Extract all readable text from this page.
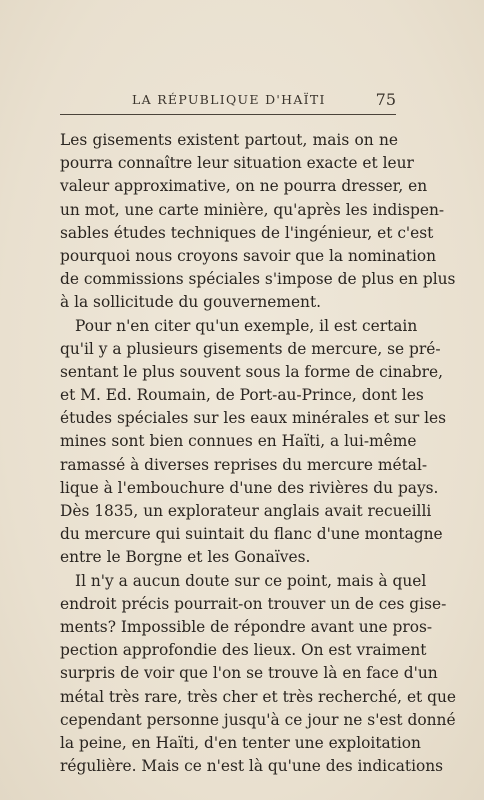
LA RÉPUBLIQUE D'HAÏTI	75
Les gisements existent partout, mais on ne
pourra connaître leur situation exacte et leur
valeur approximative, on ne pourra dresser, en
un mot, une carte minière, qu'après les indispen-
sables études techniques de l'ingénieur, et c'est
pourquoi nous croyons savoir que la nomination
de commissions spéciales s'impose de plus en plus
à la sollicitude du gouvernement.
Pour n'en citer qu'un exemple, il est certain
qu'il y a plusieurs gisements de mercure, se pré-
sentant le plus souvent sous la forme de cinabre,
et M. Ed. Roumain, de Port-au-Prince, dont les
études spéciales sur les eaux minérales et sur les
mines sont bien connues en Haïti, a lui-même
ramassé à diverses reprises du mercure métal-
lique à l'embouchure d'une des rivières du pays.
Dès 1835, un explorateur anglais avait recueilli
du mercure qui suintait du flanc d'une montagne
entre le Borgne et les Gonaïves.
Il n'y a aucun doute sur ce point, mais à quel
endroit précis pourrait-on trouver un de ces gise-
ments? Impossible de répondre avant une pros-
pection approfondie des lieux. On est vraiment
surpris de voir que l'on se trouve là en face d'un
métal très rare, très cher et très recherché, et que
cependant personne jusqu'à ce jour ne s'est donné
la peine, en Haïti, d'en tenter une exploitation
régulière. Mais ce n'est là qu'une des indications
